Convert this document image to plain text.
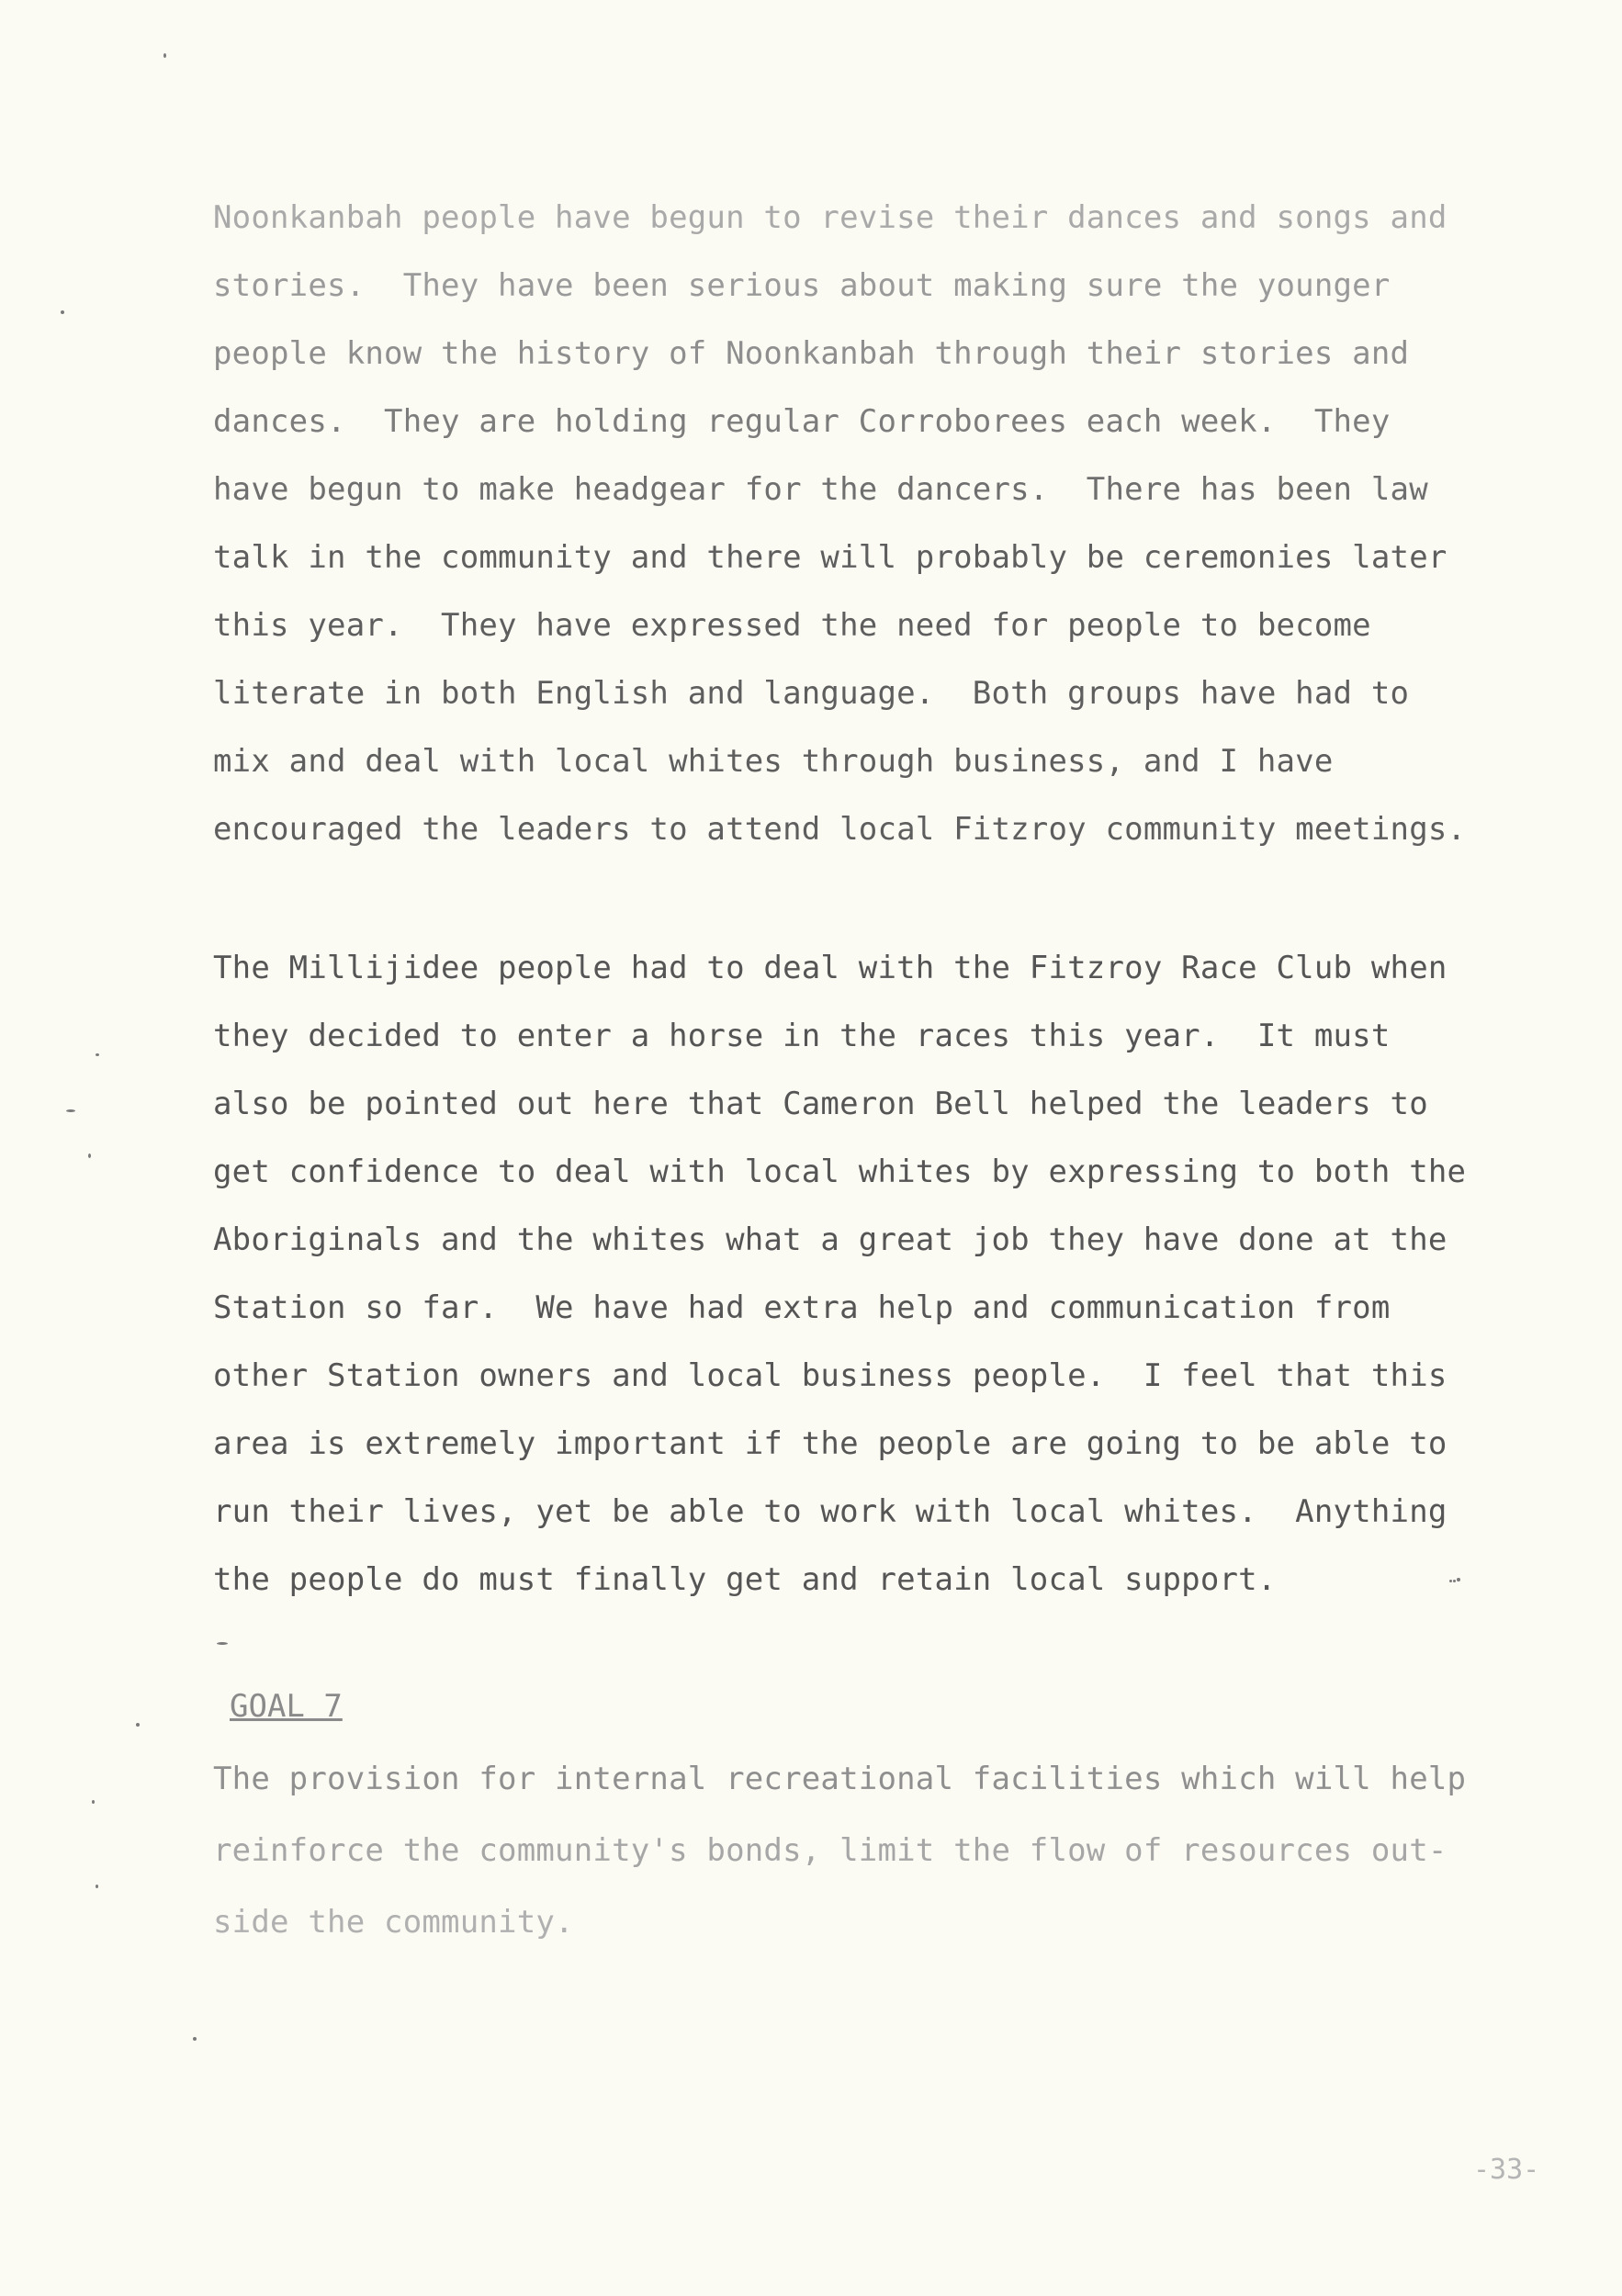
Noonkanbah people have begun to revise their dances and songs and
stories.  They have been serious about making sure the younger
people know the history of Noonkanbah through their stories and
dances.  They are holding regular Corroborees each week.  They
have begun to make headgear for the dancers.  There has been law
talk in the community and there will probably be ceremonies later
this year.  They have expressed the need for people to become
literate in both English and language.  Both groups have had to
mix and deal with local whites through business, and I have
encouraged the leaders to attend local Fitzroy community meetings.
The Millijidee people had to deal with the Fitzroy Race Club when
they decided to enter a horse in the races this year.  It must
also be pointed out here that Cameron Bell helped the leaders to
get confidence to deal with local whites by expressing to both the
Aboriginals and the whites what a great job they have done at the
Station so far.  We have had extra help and communication from
other Station owners and local business people.  I feel that this
area is extremely important if the people are going to be able to
run their lives, yet be able to work with local whites.  Anything
the people do must finally get and retain local support.
GOAL 7
The provision for internal recreational facilities which will help
reinforce the community's bonds, limit the flow of resources out-
side the community.
-33-
